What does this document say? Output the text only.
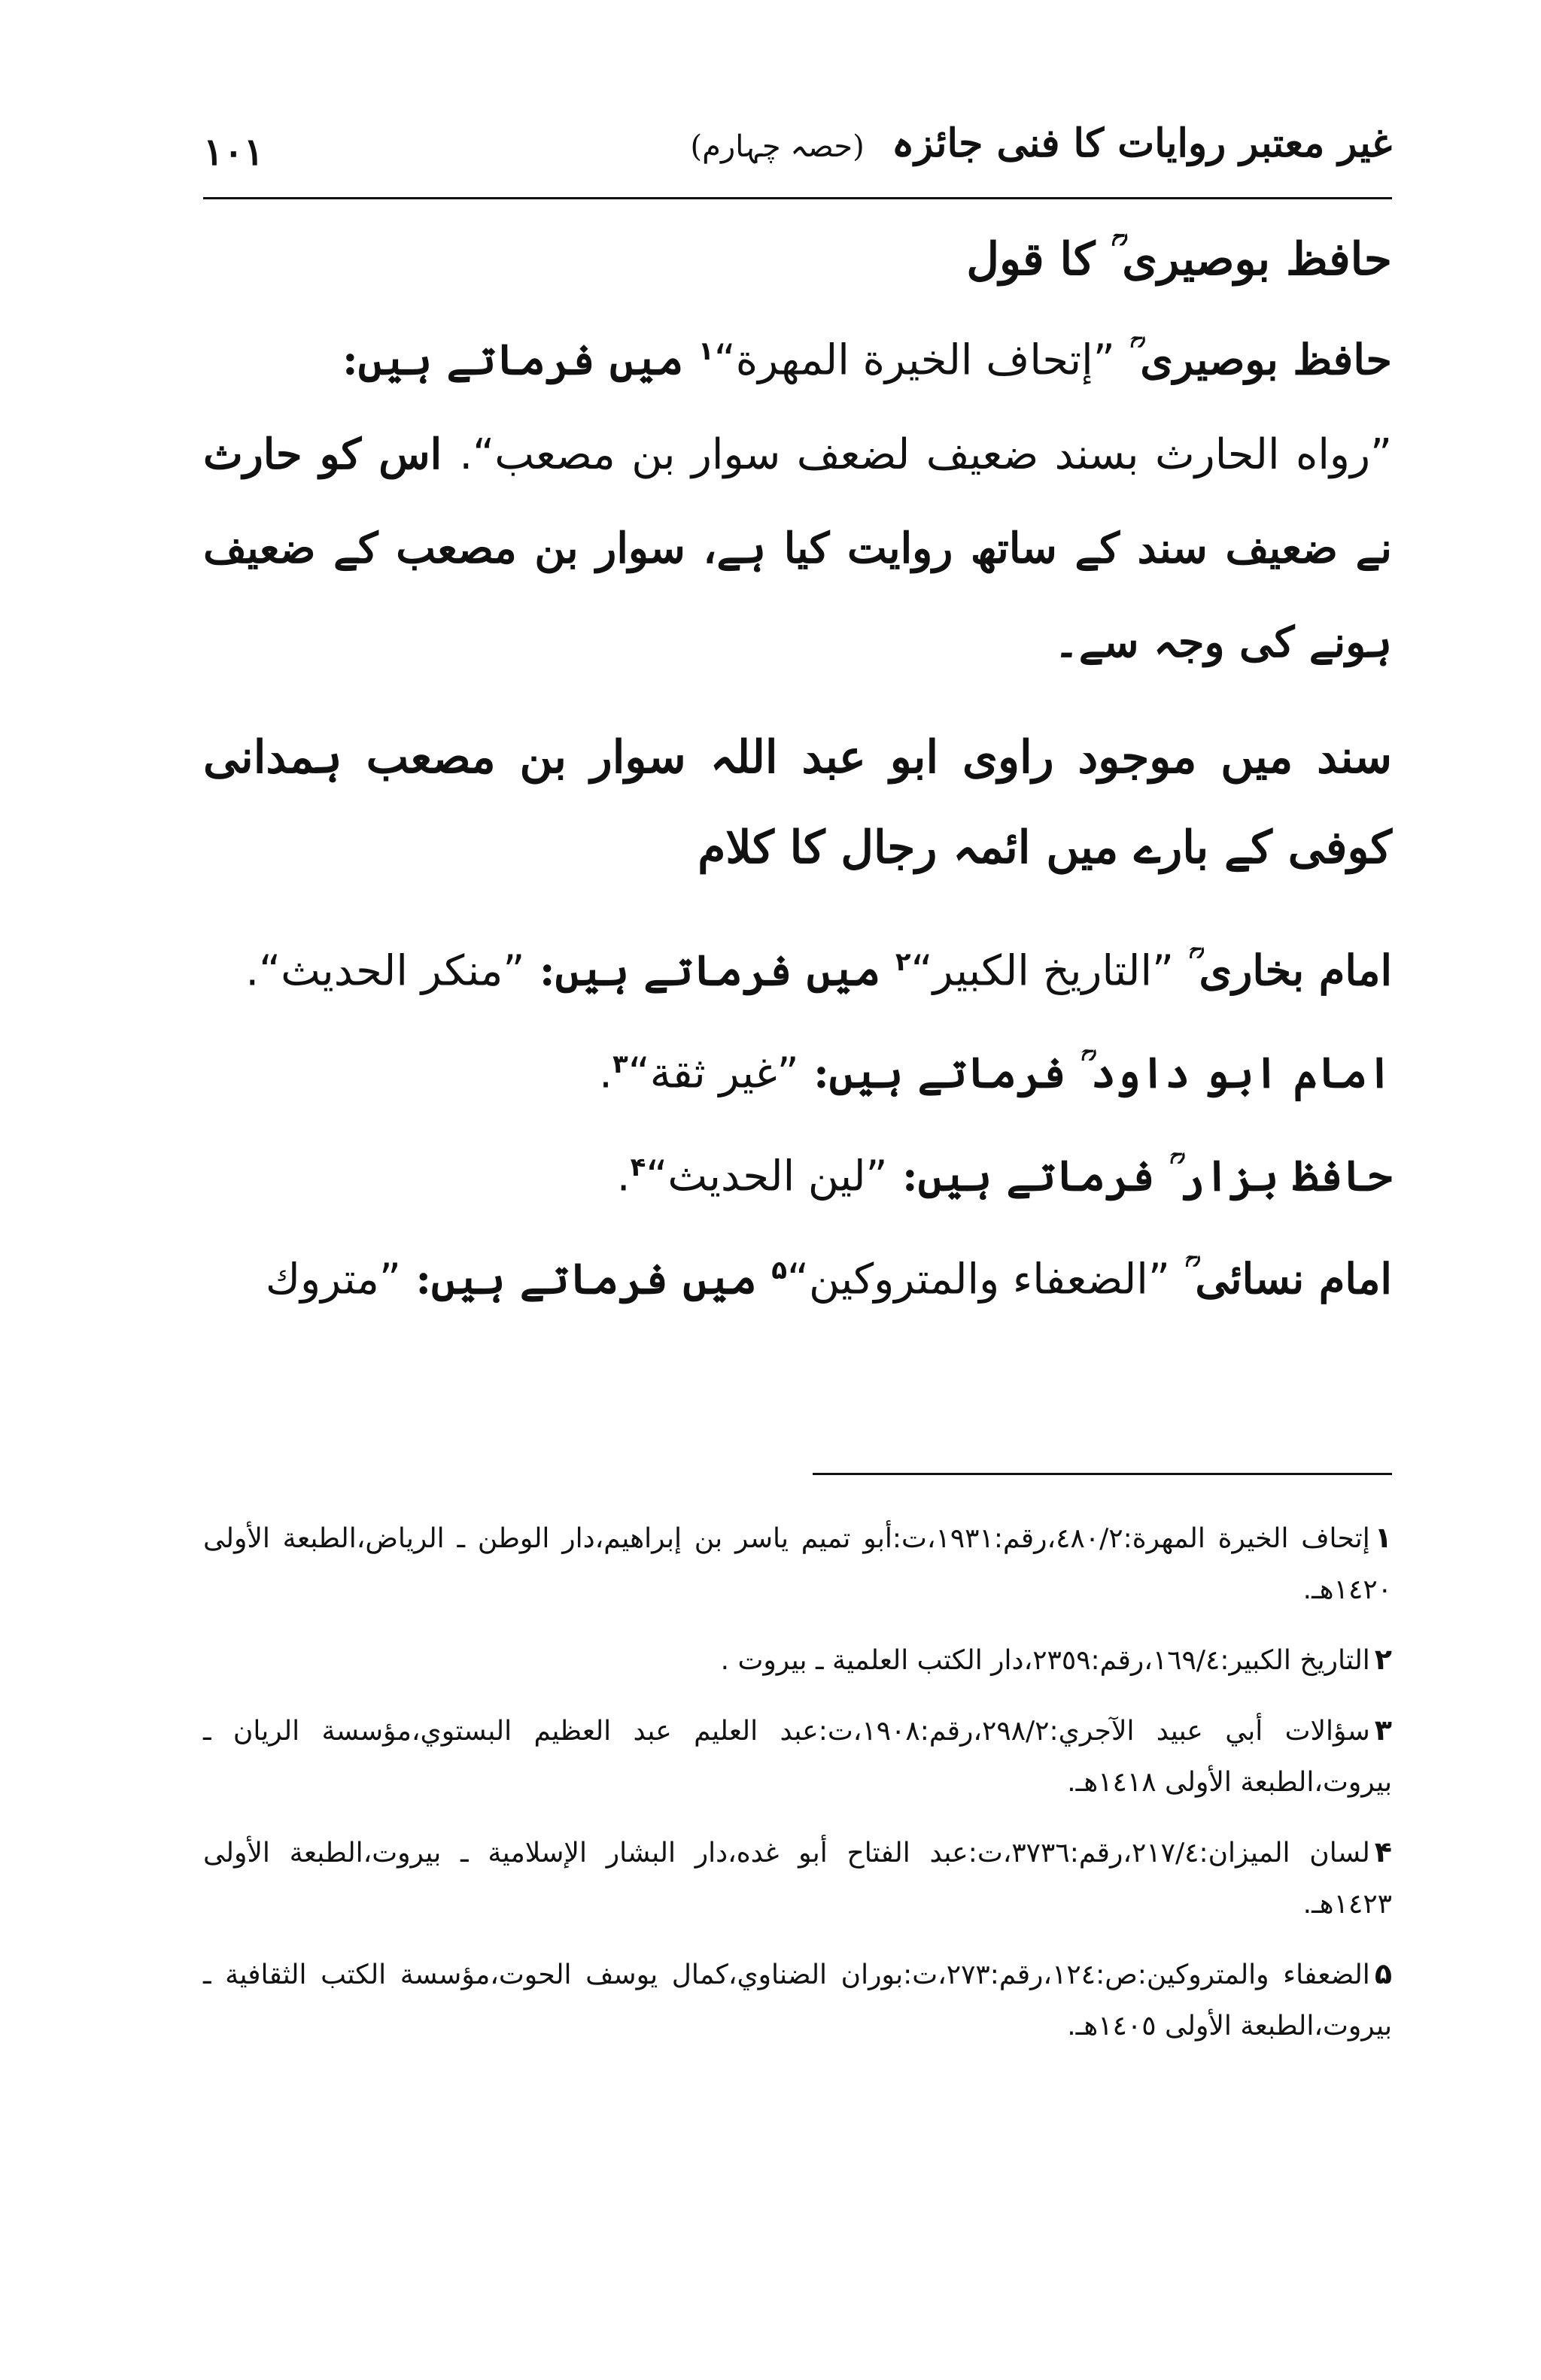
۱۰۱	غیر معتبر روایات کا فنی جائزہ (حصہ چہارم)

حافظ بوصیری ؒ کا قول

حافظ بوصیری ؒ ”إتحاف الخيرة المهرة“$^۱$ میں فرماتے ہیں:

”رواه الحارث بسند ضعيف لضعف سوار بن مصعب“. اس کو حارث نے ضعیف سند کے ساتھ روایت کیا ہے، سوار بن مصعب کے ضعیف ہونے کی وجہ سے۔

سند میں موجود راوی ابو عبد اللہ سوار بن مصعب ہمدانی کوفی کے بارے میں ائمہ رجال کا کلام

امام بخاری ؒ ”التاريخ الكبير“$^۲$ میں فرماتے ہیں: ”منكر الحديث“.

امام ابو داود ؒ فرماتے ہیں: ”غير ثقة“$^۳$.

حافظ بزار ؒ فرماتے ہیں: ”لين الحديث“$^۴$.

امام نسائی ؒ ”الضعفاء والمتروكين“$^۵$ میں فرماتے ہیں: ”متروك

۱إتحاف الخيرة المهرة:٤٨٠/٢،رقم:١٩٣١،ت:أبو تميم ياسر بن إبراهيم،دار الوطن ـ الرياض،الطبعة الأولى ١٤٢٠هـ.

۲التاريخ الكبير:١٦٩/٤،رقم:٢٣٥٩،دار الكتب العلمية ـ بيروت .

۳سؤالات أبي عبيد الآجري:٢٩٨/٢،رقم:١٩٠٨،ت:عبد العليم عبد العظيم البستوي،مؤسسة الريان ـ بيروت،الطبعة الأولى ١٤١٨هـ.

۴لسان الميزان:٢١٧/٤،رقم:٣٧٣٦،ت:عبد الفتاح أبو غده،دار البشار الإسلامية ـ بيروت،الطبعة الأولى ١٤٢٣هـ.

۵الضعفاء والمتروكين:ص:١٢٤،رقم:٢٧٣،ت:بوران الضناوي،كمال يوسف الحوت،مؤسسة الكتب الثقافية ـ بيروت،الطبعة الأولى ١٤٠٥هـ.
